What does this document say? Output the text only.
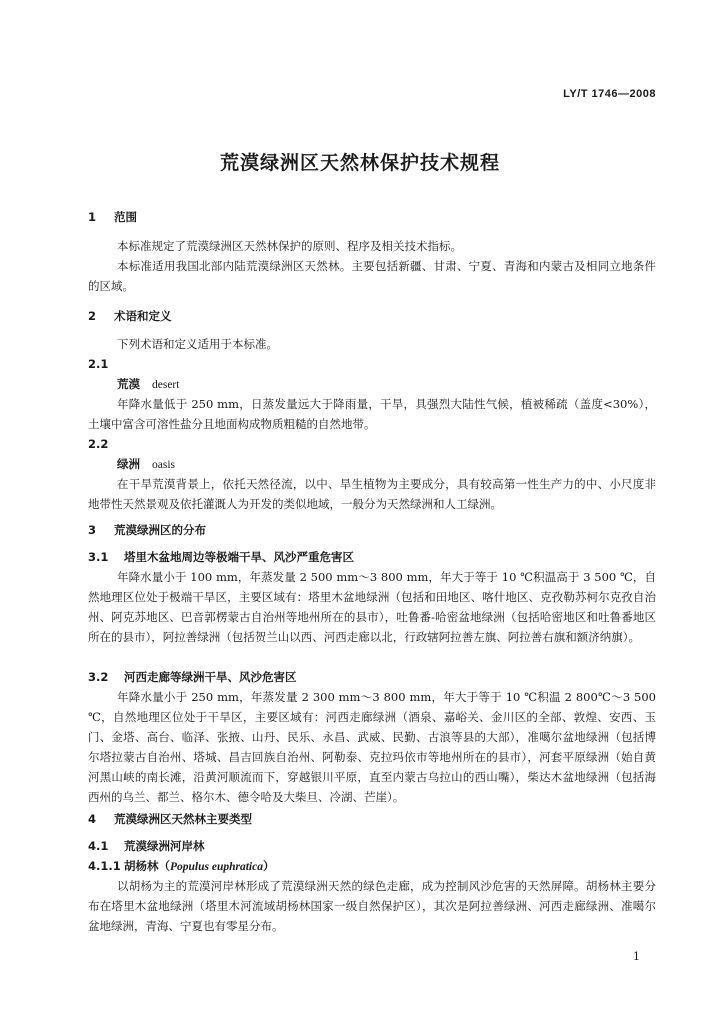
LY/T 1746—2008
荒漠绿洲区天然林保护技术规程
1 范围
本标准规定了荒漠绿洲区天然林保护的原则、程序及相关技术指标。
本标准适用我国北部内陆荒漠绿洲区天然林。主要包括新疆、甘肃、宁夏、青海和内蒙古及相同立地条件的区域。
2 术语和定义
下列术语和定义适用于本标准。
2.1
荒漠 desert
年降水量低于 250 mm，日蒸发量远大于降雨量，干旱，具强烈大陆性气候，植被稀疏（盖度<30%），土壤中富含可溶性盐分且地面构成物质粗糙的自然地带。
2.2
绿洲 oasis
在干旱荒漠背景上，依托天然径流，以中、旱生植物为主要成分，具有较高第一性生产力的中、小尺度非地带性天然景观及依托灌溉人为开发的类似地域，一般分为天然绿洲和人工绿洲。
3 荒漠绿洲区的分布
3.1 塔里木盆地周边等极端干旱、风沙严重危害区
年降水量小于 100 mm，年蒸发量 2 500 mm～3 800 mm，年大于等于 10 ℃积温高于 3 500 ℃，自然地理区位处于极端干旱区，主要区域有：塔里木盆地绿洲（包括和田地区、喀什地区、克孜勒苏柯尔克孜自治州、阿克苏地区、巴音郭楞蒙古自治州等地州所在的县市），吐鲁番-哈密盆地绿洲（包括哈密地区和吐鲁番地区所在的县市），阿拉善绿洲（包括贺兰山以西、河西走廊以北，行政辖阿拉善左旗、阿拉善右旗和额济纳旗）。
3.2 河西走廊等绿洲干旱、风沙危害区
年降水量小于 250 mm，年蒸发量 2 300 mm～3 800 mm，年大于等于 10 ℃积温 2 800℃～3 500 ℃，自然地理区位处于干旱区，主要区域有：河西走廊绿洲（酒泉、嘉峪关、金川区的全部、敦煌、安西、玉门、金塔、高台、临泽、张掖、山丹、民乐、永昌、武威、民勤、古浪等县的大部），准噶尔盆地绿洲（包括博尔塔拉蒙古自治州、塔城、昌吉回族自治州、阿勒泰、克拉玛依市等地州所在的县市），河套平原绿洲（始自黄河黑山峡的南长滩，沿黄河顺流而下，穿越银川平原，直至内蒙古乌拉山的西山嘴），柴达木盆地绿洲（包括海西州的乌兰、都兰、格尔木、德令哈及大柴旦、冷湖、芒崖）。
4 荒漠绿洲区天然林主要类型
4.1 荒漠绿洲河岸林
4.1.1 胡杨林（Populus euphratica）
以胡杨为主的荒漠河岸林形成了荒漠绿洲天然的绿色走廊，成为控制风沙危害的天然屏障。胡杨林主要分布在塔里木盆地绿洲（塔里木河流域胡杨林国家一级自然保护区），其次是阿拉善绿洲、河西走廊绿洲、准噶尔盆地绿洲，青海、宁夏也有零星分布。
1
